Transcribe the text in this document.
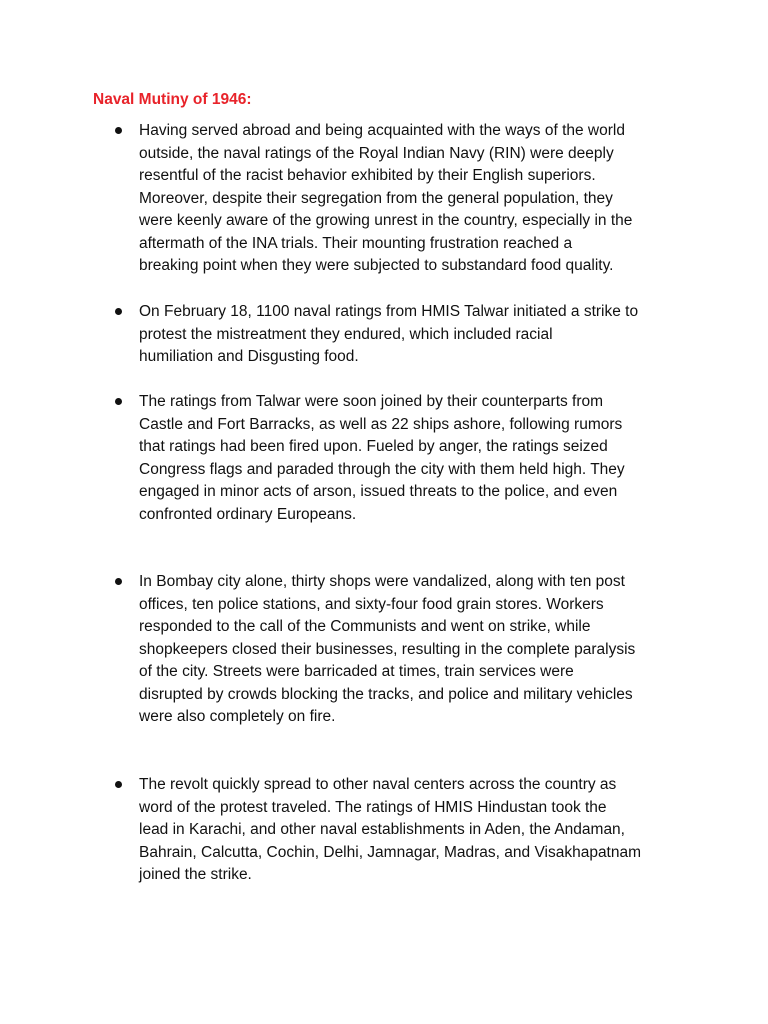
Naval Mutiny of 1946:

Having served abroad and being acquainted with the ways of the world
outside, the naval ratings of the Royal Indian Navy (RIN) were deeply
resentful of the racist behavior exhibited by their English superiors.
Moreover, despite their segregation from the general population, they
were keenly aware of the growing unrest in the country, especially in the
aftermath of the INA trials. Their mounting frustration reached a
breaking point when they were subjected to substandard food quality.

On February 18, 1100 naval ratings from HMIS Talwar initiated a strike to
protest the mistreatment they endured, which included racial
humiliation and Disgusting food.

The ratings from Talwar were soon joined by their counterparts from
Castle and Fort Barracks, as well as 22 ships ashore, following rumors
that ratings had been fired upon. Fueled by anger, the ratings seized
Congress flags and paraded through the city with them held high. They
engaged in minor acts of arson, issued threats to the police, and even
confronted ordinary Europeans.

In Bombay city alone, thirty shops were vandalized, along with ten post
offices, ten police stations, and sixty-four food grain stores. Workers
responded to the call of the Communists and went on strike, while
shopkeepers closed their businesses, resulting in the complete paralysis
of the city. Streets were barricaded at times, train services were
disrupted by crowds blocking the tracks, and police and military vehicles
were also completely on fire.

The revolt quickly spread to other naval centers across the country as
word of the protest traveled. The ratings of HMIS Hindustan took the
lead in Karachi, and other naval establishments in Aden, the Andaman,
Bahrain, Calcutta, Cochin, Delhi, Jamnagar, Madras, and Visakhapatnam
joined the strike.
